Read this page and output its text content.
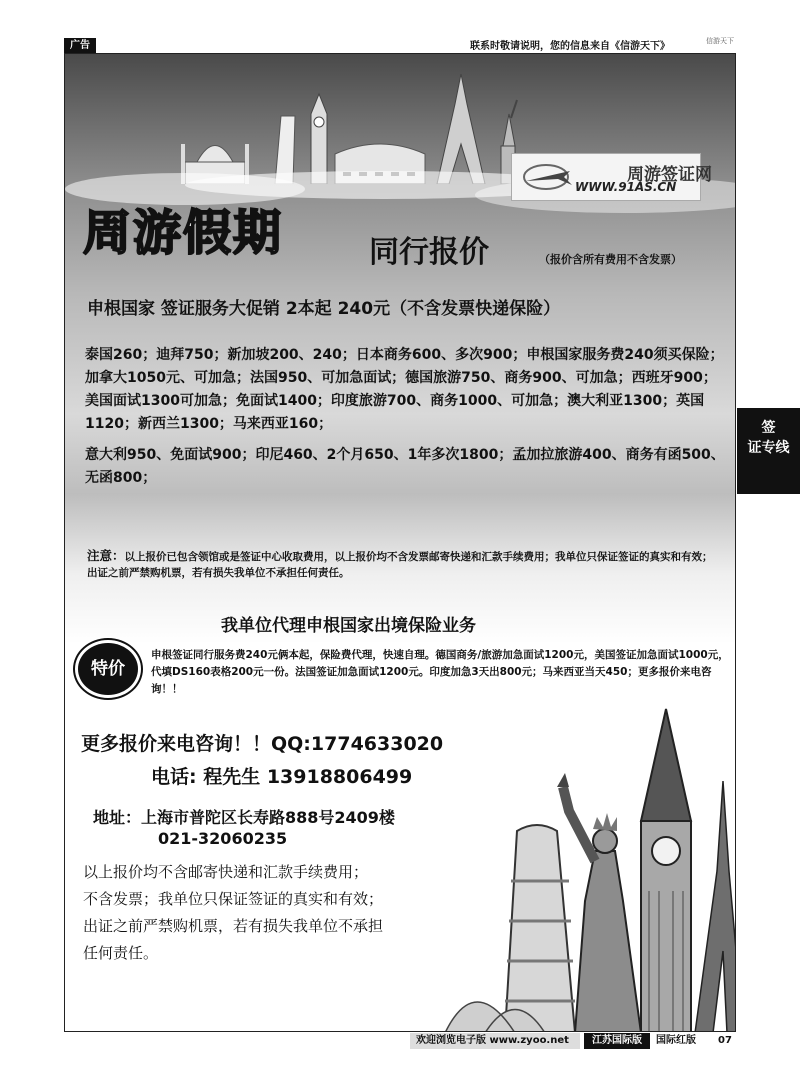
广告	联系时敬请说明，您的信息来自《信游天下》	信游天下
周游签证网
WWW.91AS.CN
周游假期	同行报价	（报价含所有费用不含发票）
申根国家 签证服务大促销 2本起 240元（不含发票快递保险）

泰国260；迪拜750；新加坡200、240；日本商务600、多次900；申根国家服务费240须买保险；加拿大1050元、可加急；法国950、可加急面试；德国旅游750、商务900、可加急；西班牙900；美国面试1300可加急；免面试1400；印度旅游700、商务1000、可加急；澳大利亚1300；英国1120；新西兰1300；马来西亚160；

意大利950、免面试900；印尼460、2个月650、1年多次1800；孟加拉旅游400、商务有函500、无函800；

注意：以上报价已包含领馆或是签证中心收取费用，以上报价均不含发票邮寄快递和汇款手续费用；我单位只保证签证的真实和有效；出证之前严禁购机票，若有损失我单位不承担任何责任。
我单位代理申根国家出境保险业务
特价
申根签证同行服务费240元俩本起，保险费代理，快速自理。德国商务/旅游加急面试1200元，美国签证加急面试1000元，代填DS160表格200元一份。法国签证加急面试1200元。印度加急3天出800元；马来西亚当天450；更多报价来电咨询！！
更多报价来电咨询！！QQ:1774633020
电话: 程先生 13918806499
地址：上海市普陀区长寿路888号2409楼
021-32060235

以上报价均不含邮寄快递和汇款手续费用；

不含发票；我单位只保证签证的真实和有效；

出证之前严禁购机票，若有损失我单位不承担

任何责任。

签
证专线
欢迎浏览电子版 www.zyoo.net	江苏国际版	国际红版 07
